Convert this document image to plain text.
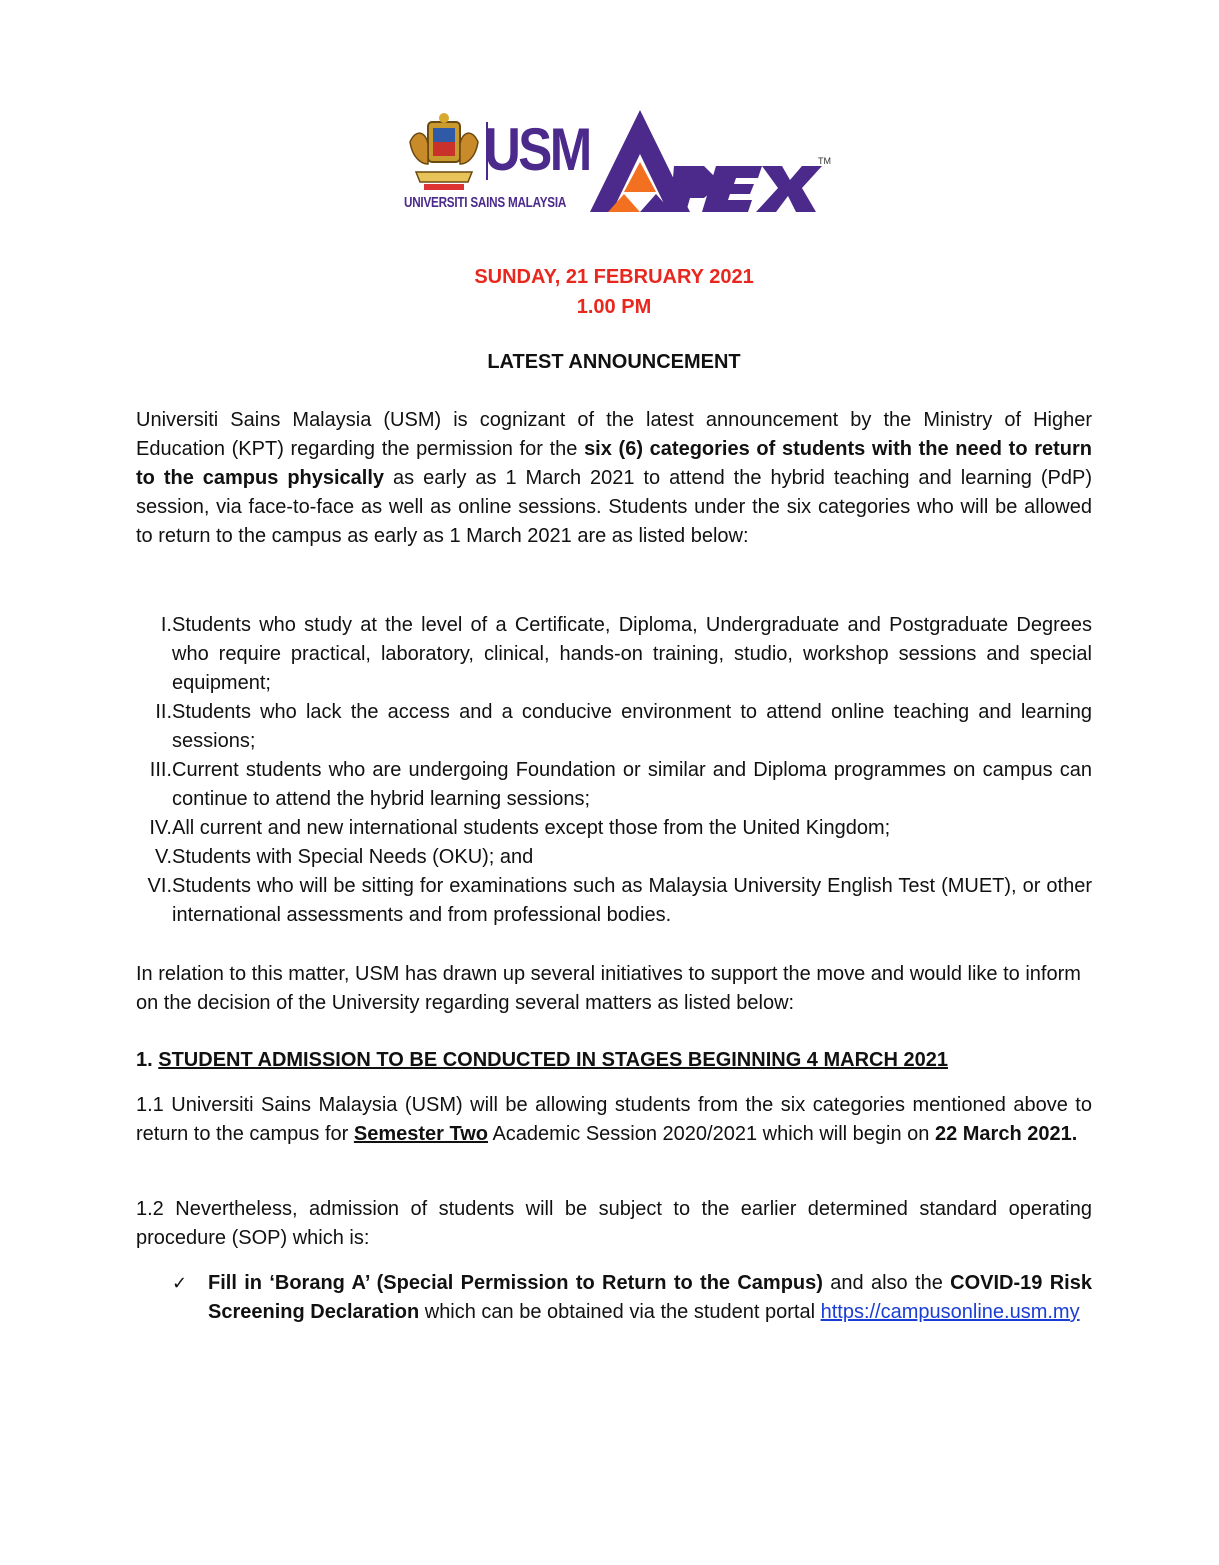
USM
UNIVERSITI SAINS MALAYSIA
TM
SUNDAY, 21 FEBRUARY 2021
1.00 PM
LATEST ANNOUNCEMENT
Universiti Sains Malaysia (USM) is cognizant of the latest announcement by the Ministry of Higher Education (KPT) regarding the permission for the six (6) categories of students with the need to return to the campus physically as early as 1 March 2021 to attend the hybrid teaching and learning (PdP) session, via face-to-face as well as online sessions. Students under the six categories who will be allowed to return to the campus as early as 1 March 2021 are as listed below:
I. Students who study at the level of a Certificate, Diploma, Undergraduate and Postgraduate Degrees who require practical, laboratory, clinical, hands-on training, studio, workshop sessions and special equipment;
II. Students who lack the access and a conducive environment to attend online teaching and learning sessions;
III. Current students who are undergoing Foundation or similar and Diploma programmes on campus can continue to attend the hybrid learning sessions;
IV. All current and new international students except those from the United Kingdom;
V. Students with Special Needs (OKU); and
VI. Students who will be sitting for examinations such as Malaysia University English Test (MUET), or other international assessments and from professional bodies.
In relation to this matter, USM has drawn up several initiatives to support the move and would like to inform on the decision of the University regarding several matters as listed below:
1. STUDENT ADMISSION TO BE CONDUCTED IN STAGES BEGINNING 4 MARCH 2021
1.1 Universiti Sains Malaysia (USM) will be allowing students from the six categories mentioned above to return to the campus for Semester Two Academic Session 2020/2021 which will begin on 22 March 2021.
1.2 Nevertheless, admission of students will be subject to the earlier determined standard operating procedure (SOP) which is:
✓ Fill in ‘Borang A’ (Special Permission to Return to the Campus) and also the COVID-19 Risk Screening Declaration which can be obtained via the student portal https://campusonline.usm.my
